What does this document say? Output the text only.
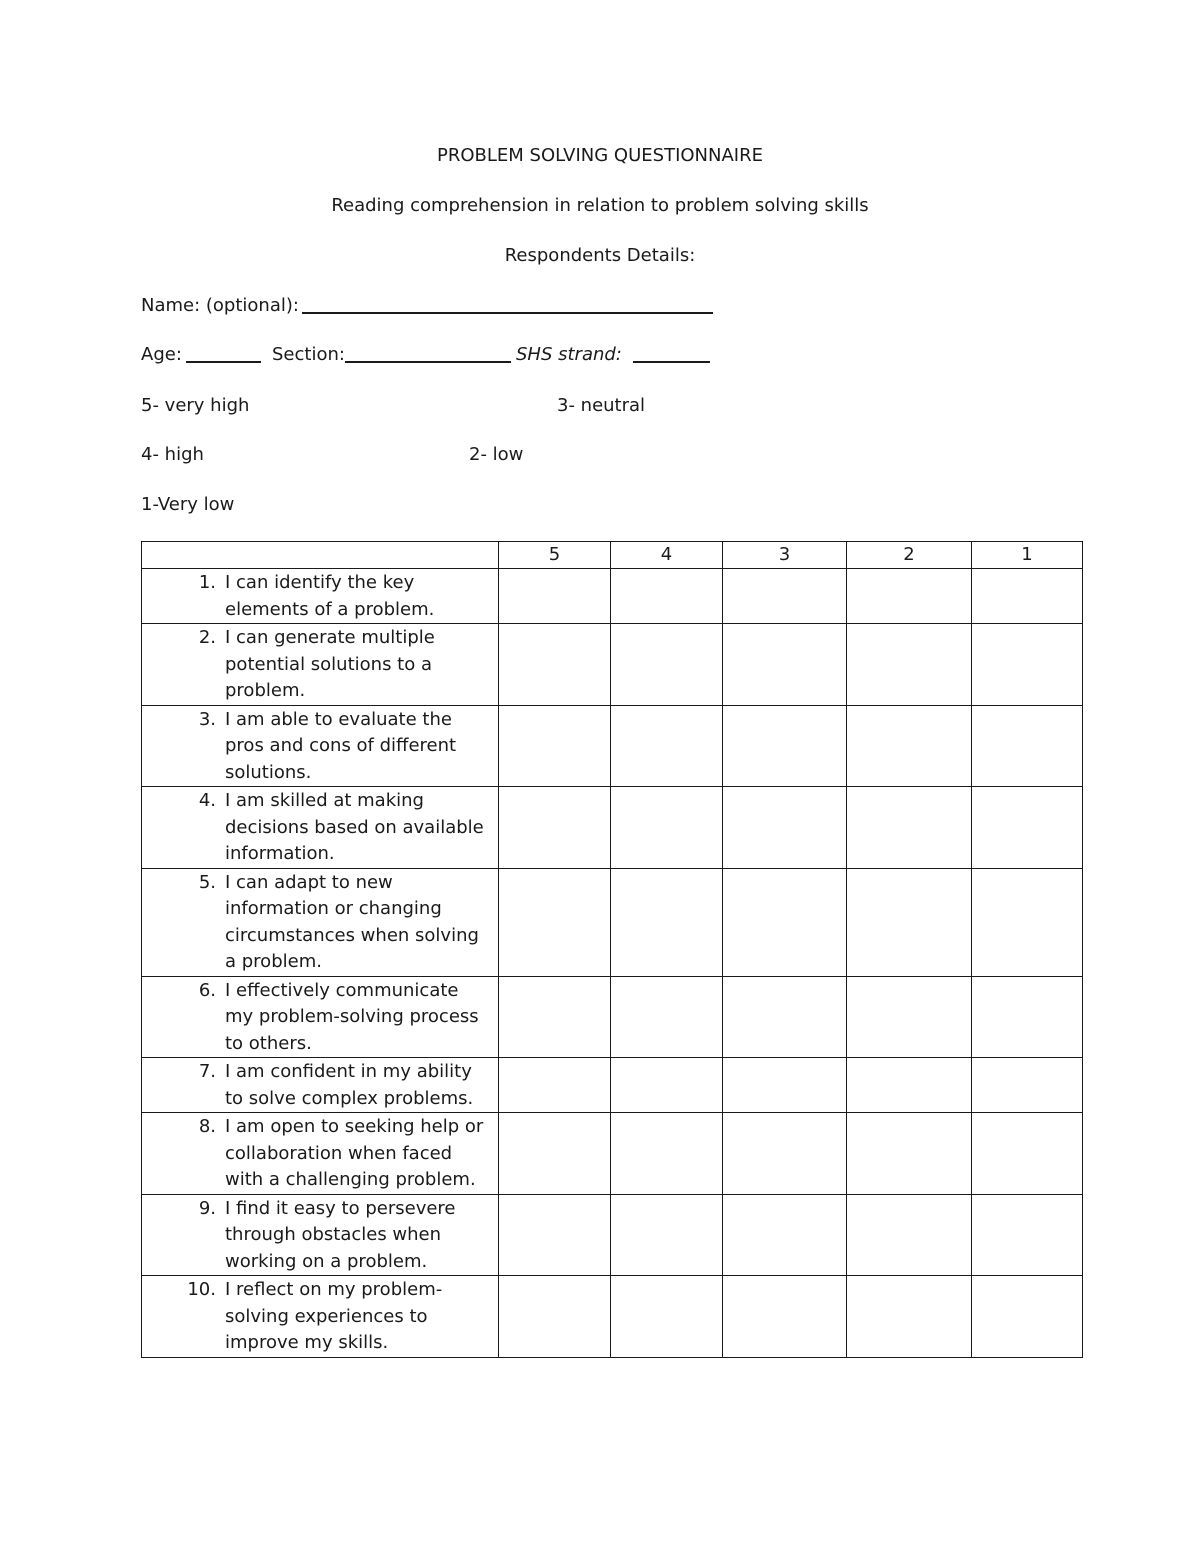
PROBLEM SOLVING QUESTIONNAIRE
Reading comprehension in relation to problem solving skills
Respondents Details:
Name: (optional):
Age:	Section:	SHS strand:
5- very high	3- neutral
4- high	2- low
1-Very low
	5	4	3	2	1

1. I can identify the key elements of a problem.					

2. I can generate multiple potential solutions to a problem.					

3. I am able to evaluate the pros and cons of different solutions.					

4. I am skilled at making decisions based on available information.					

5. I can adapt to new information or changing circumstances when solving a problem.					

6. I effectively communicate my problem-solving process to others.					

7. I am confident in my ability to solve complex problems.					

8. I am open to seeking help or collaboration when faced with a challenging problem.					

9. I find it easy to persevere through obstacles when working on a problem.					

10. I reflect on my problem-solving experiences to improve my skills.					
